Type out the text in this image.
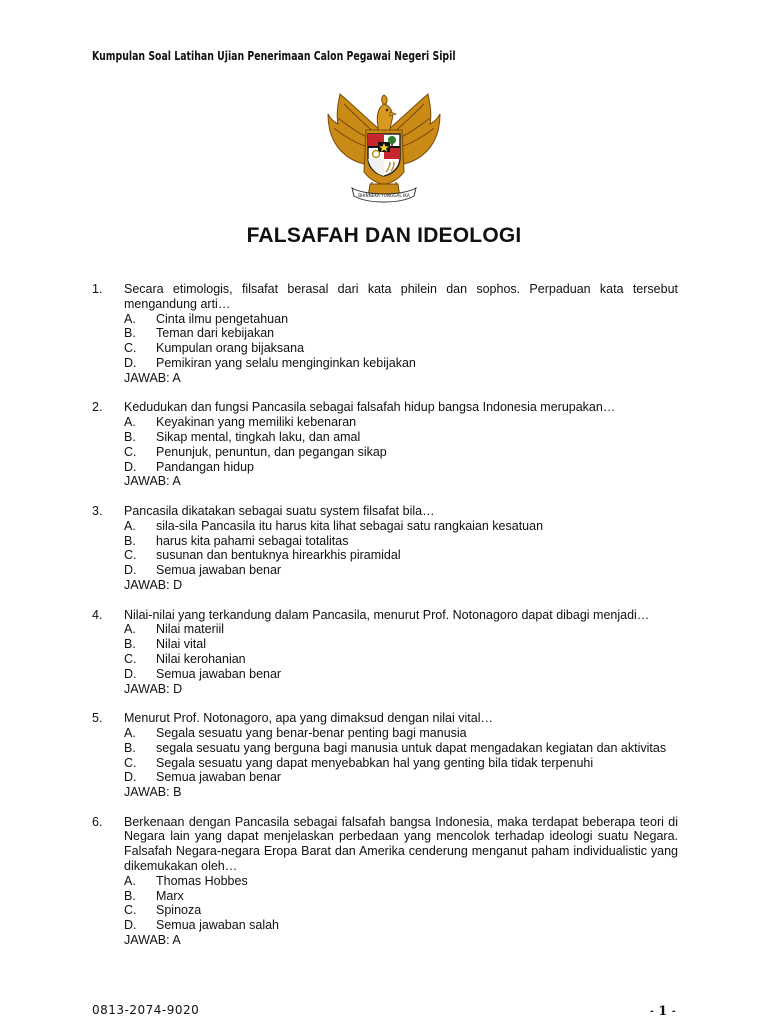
Kumpulan Soal Latihan Ujian Penerimaan Calon Pegawai Negeri Sipil
BHINNEKA TUNGGAL IKA
FALSAFAH DAN IDEOLOGI
1.	Secara etimologis, filsafat berasal dari kata philein dan sophos. Perpaduan kata tersebut mengandung arti…
A.	Cinta ilmu pengetahuan
B.	Teman dari kebijakan
C.	Kumpulan orang bijaksana
D.	Pemikiran yang selalu menginginkan kebijakan
JAWAB: A
2.	Kedudukan dan fungsi Pancasila sebagai falsafah hidup bangsa Indonesia merupakan…
A.	Keyakinan yang memiliki kebenaran
B.	Sikap mental, tingkah laku, dan amal
C.	Penunjuk, penuntun, dan pegangan sikap
D.	Pandangan hidup
JAWAB: A
3.	Pancasila dikatakan sebagai suatu system filsafat bila…
A.	sila-sila Pancasila itu harus kita lihat sebagai satu rangkaian kesatuan
B.	harus kita pahami sebagai totalitas
C.	susunan dan bentuknya hirearkhis piramidal
D.	Semua jawaban benar
JAWAB: D
4.	Nilai-nilai yang terkandung dalam Pancasila, menurut Prof. Notonagoro dapat dibagi menjadi…
A.	Nilai materiil
B.	Nilai vital
C.	Nilai kerohanian
D.	Semua jawaban benar
JAWAB: D
5.	Menurut Prof. Notonagoro, apa yang dimaksud dengan nilai vital…
A.	Segala sesuatu yang benar-benar penting bagi manusia
B.	segala sesuatu yang berguna bagi manusia untuk dapat mengadakan kegiatan dan aktivitas
C.	Segala sesuatu yang dapat menyebabkan hal yang genting bila tidak terpenuhi
D.	Semua jawaban benar
JAWAB: B
6.	Berkenaan dengan Pancasila sebagai falsafah bangsa Indonesia, maka terdapat beberapa teori di Negara lain yang dapat menjelaskan perbedaan yang mencolok terhadap ideologi suatu Negara. Falsafah Negara-negara Eropa Barat dan Amerika cenderung menganut paham individualistic yang dikemukakan oleh…
A.	Thomas Hobbes
B.	Marx
C.	Spinoza
D.	Semua jawaban salah
JAWAB: A
0813-2074-9020	- 1 -
